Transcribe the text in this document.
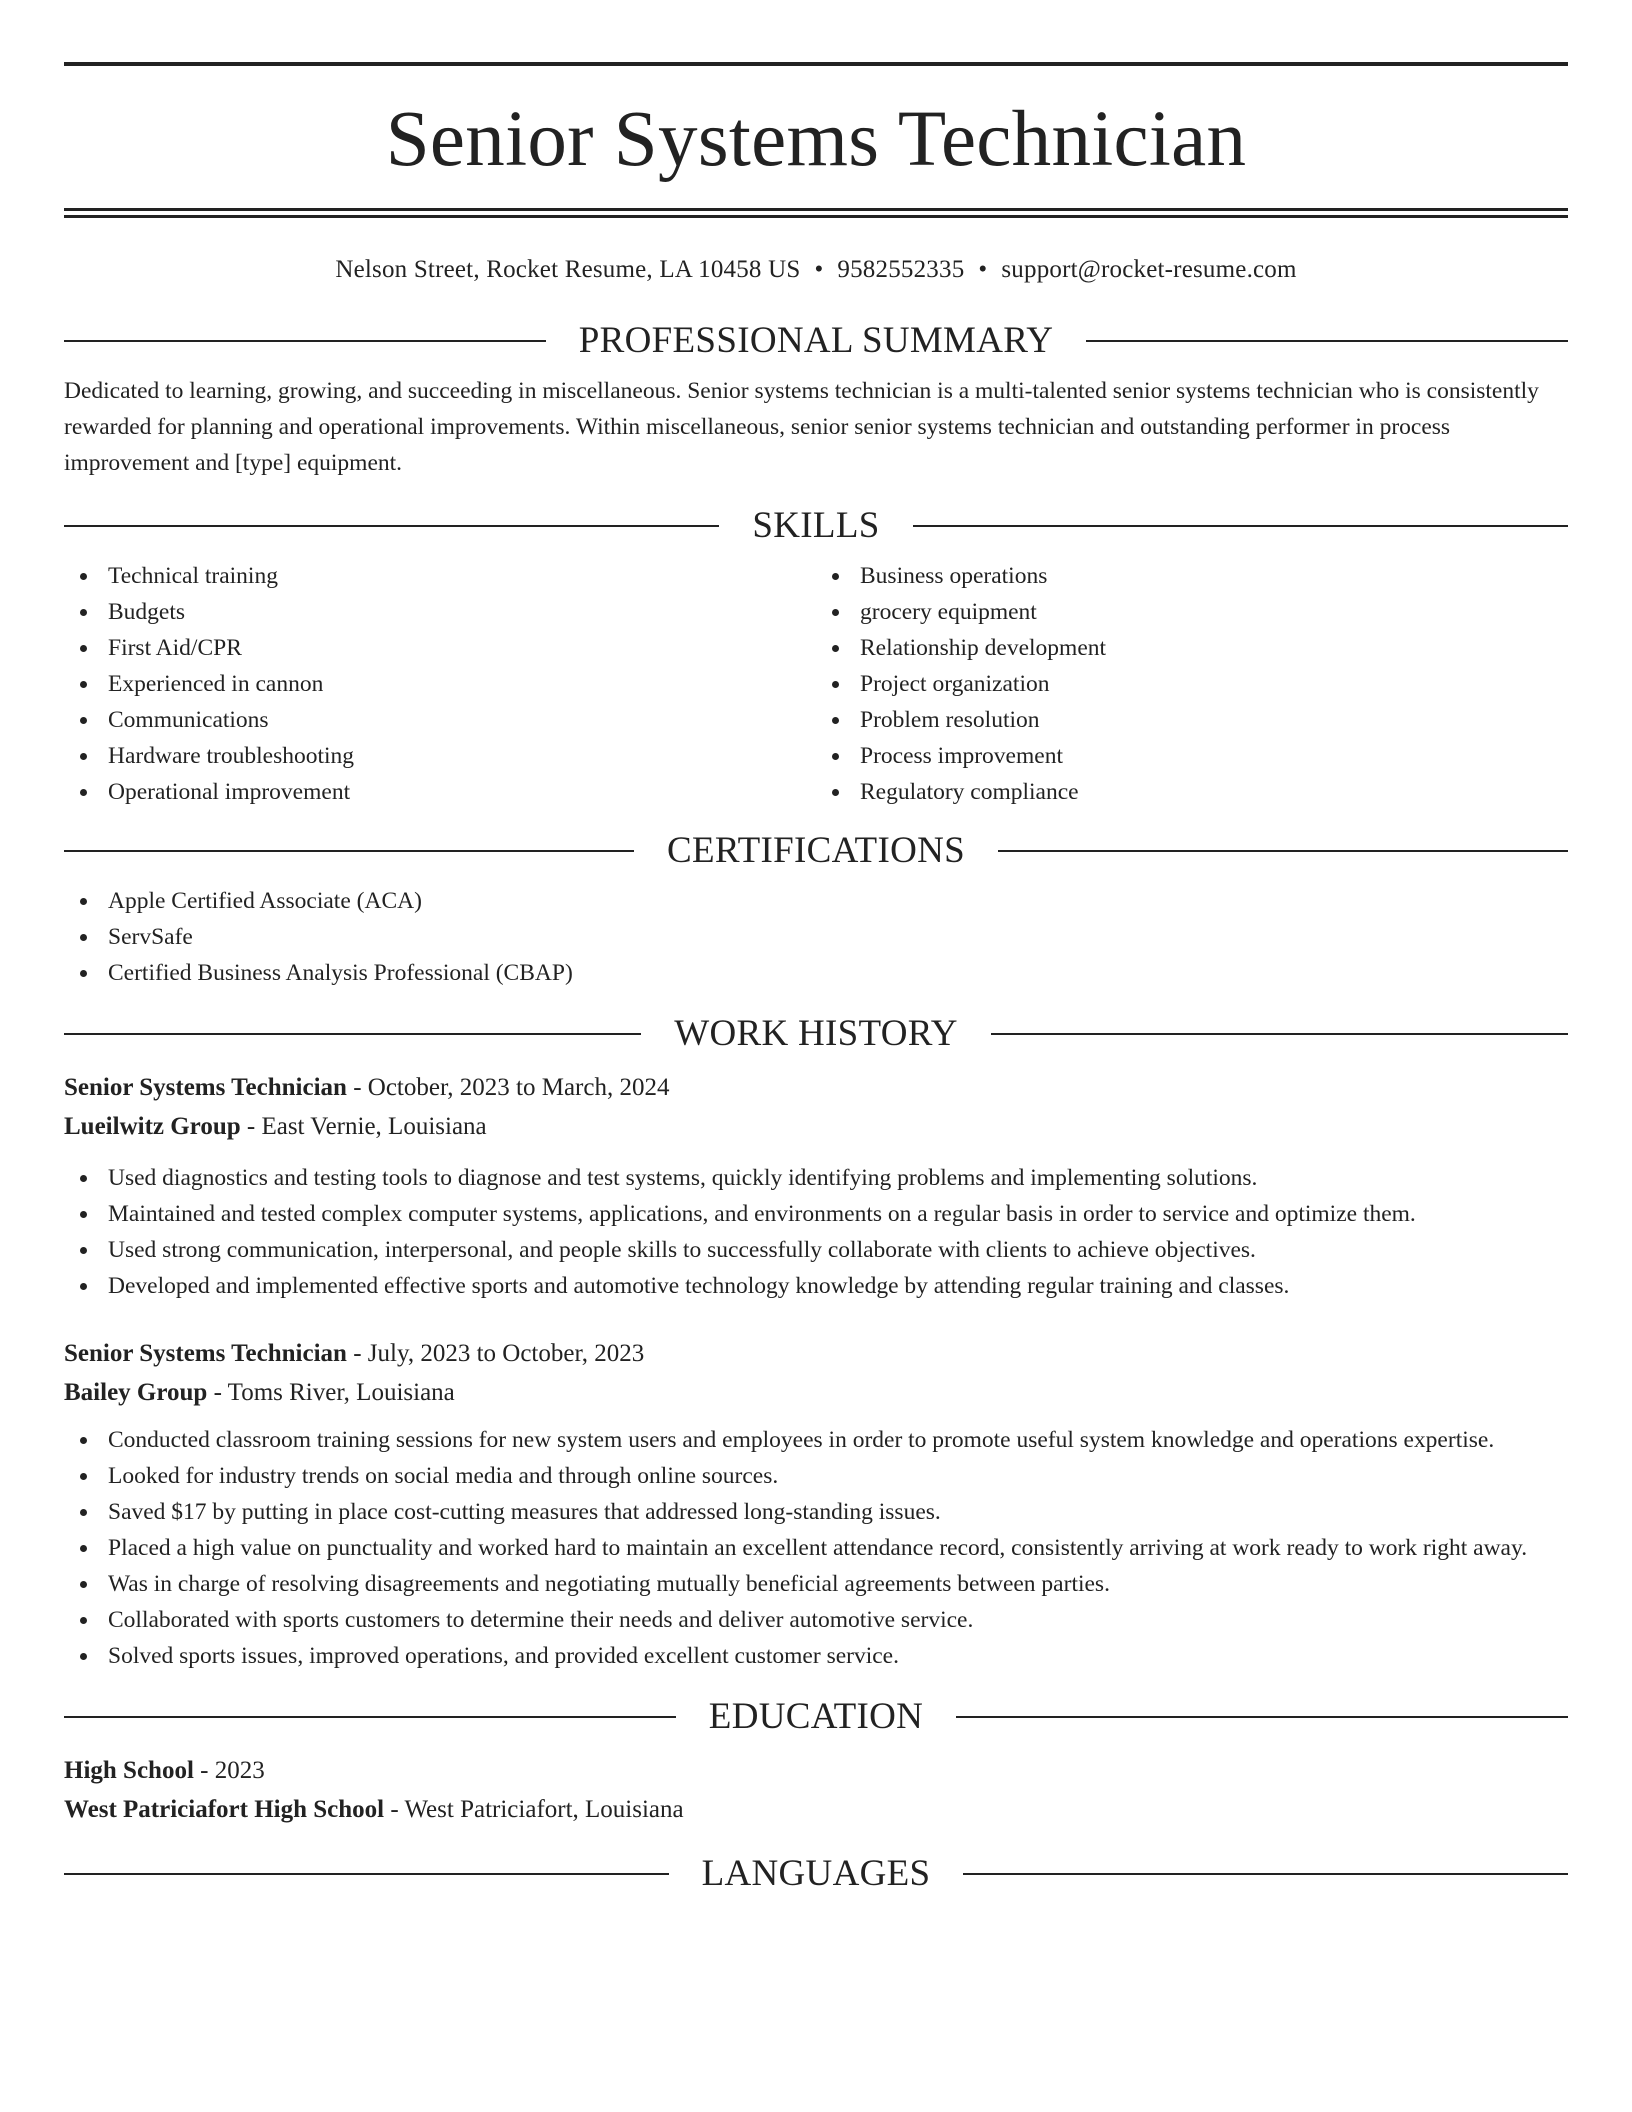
Senior Systems Technician
Nelson Street, Rocket Resume, LA 10458 US • 9582552335 • support@rocket-resume.com
PROFESSIONAL SUMMARY

Dedicated to learning, growing, and succeeding in miscellaneous. Senior systems technician is a multi-talented senior systems technician who is consistently rewarded for planning and operational improvements. Within miscellaneous, senior senior systems technician and outstanding performer in process improvement and [type] equipment.

SKILLS
Technical training
Budgets
First Aid/CPR
Experienced in cannon
Communications
Hardware troubleshooting
Operational improvement
Business operations
grocery equipment
Relationship development
Project organization
Problem resolution
Process improvement
Regulatory compliance
CERTIFICATIONS
Apple Certified Associate (ACA)
ServSafe
Certified Business Analysis Professional (CBAP)
WORK HISTORY
Senior Systems Technician - October, 2023 to March, 2024
Lueilwitz Group - East Vernie, Louisiana
Used diagnostics and testing tools to diagnose and test systems, quickly identifying problems and implementing solutions.
Maintained and tested complex computer systems, applications, and environments on a regular basis in order to service and optimize them.
Used strong communication, interpersonal, and people skills to successfully collaborate with clients to achieve objectives.
Developed and implemented effective sports and automotive technology knowledge by attending regular training and classes.
Senior Systems Technician - July, 2023 to October, 2023
Bailey Group - Toms River, Louisiana
Conducted classroom training sessions for new system users and employees in order to promote useful system knowledge and operations expertise.
Looked for industry trends on social media and through online sources.
Saved $17 by putting in place cost-cutting measures that addressed long-standing issues.
Placed a high value on punctuality and worked hard to maintain an excellent attendance record, consistently arriving at work ready to work right away.
Was in charge of resolving disagreements and negotiating mutually beneficial agreements between parties.
Collaborated with sports customers to determine their needs and deliver automotive service.
Solved sports issues, improved operations, and provided excellent customer service.
EDUCATION
High School - 2023
West Patriciafort High School - West Patriciafort, Louisiana
LANGUAGES
